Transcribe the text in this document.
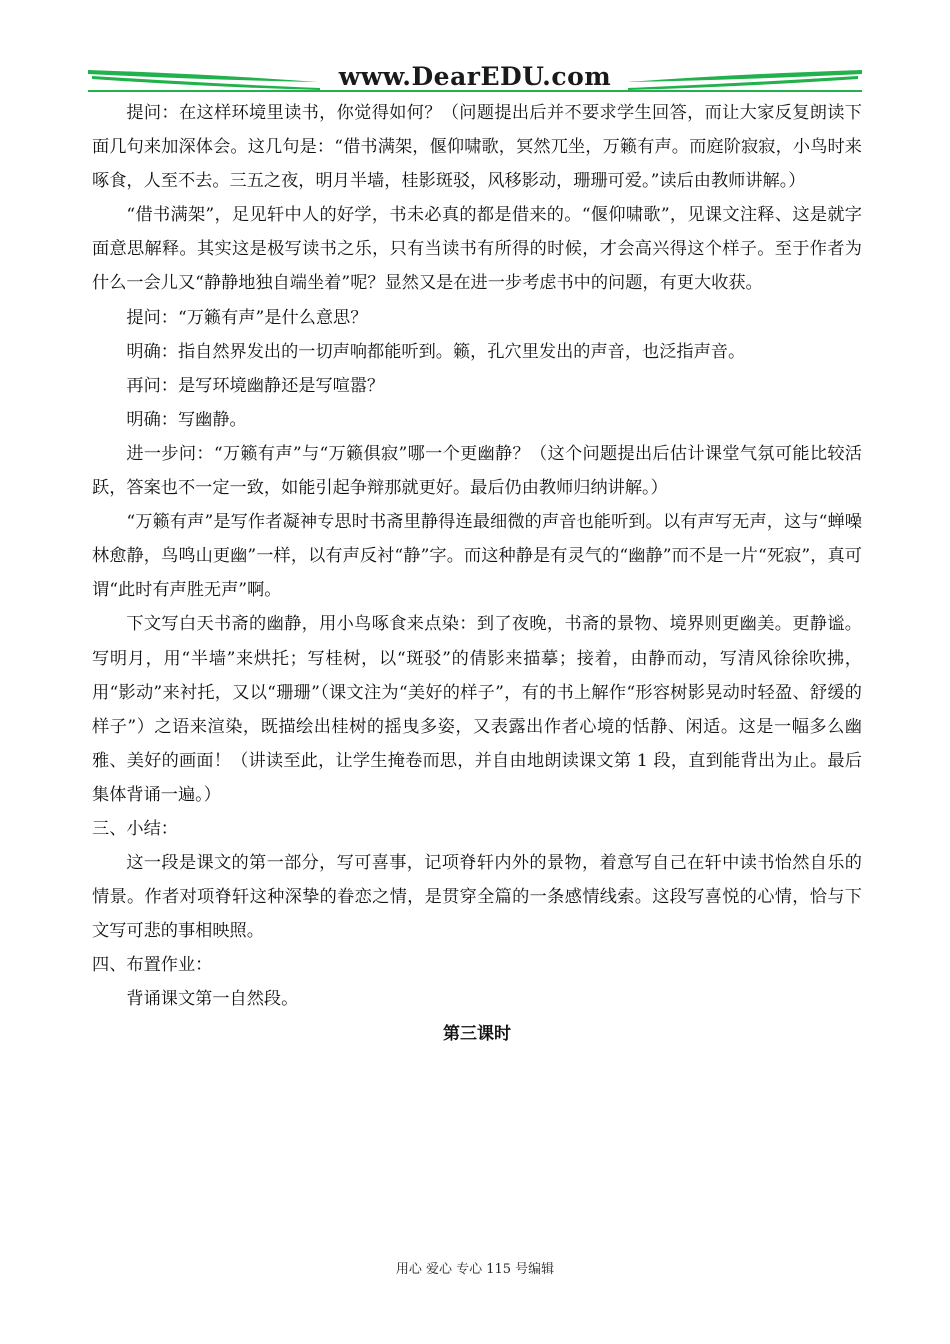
www.DearEDU.com

提问：在这样环境里读书，你觉得如何？（问题提出后并不要求学生回答，而让大家反复朗读下面几句来加深体会。这几句是：“借书满架，偃仰啸歌，冥然兀坐，万籁有声。而庭阶寂寂，小鸟时来啄食，人至不去。三五之夜，明月半墙，桂影斑驳，风移影动，珊珊可爱。”读后由教师讲解。）

“借书满架”，足见轩中人的好学，书未必真的都是借来的。“偃仰啸歌”，见课文注释、这是就字面意思解释。其实这是极写读书之乐，只有当读书有所得的时候，才会高兴得这个样子。至于作者为什么一会儿又“静静地独自端坐着”呢？显然又是在进一步考虑书中的问题，有更大收获。

提问：“万籁有声”是什么意思？

明确：指自然界发出的一切声响都能听到。籁，孔穴里发出的声音，也泛指声音。

再问：是写环境幽静还是写喧嚣？

明确：写幽静。

进一步问：“万籁有声”与“万籁俱寂”哪一个更幽静？（这个问题提出后估计课堂气氛可能比较活跃，答案也不一定一致，如能引起争辩那就更好。最后仍由教师归纳讲解。）

“万籁有声”是写作者凝神专思时书斋里静得连最细微的声音也能听到。以有声写无声，这与“蝉噪林愈静，鸟鸣山更幽”一样，以有声反衬“静”字。而这种静是有灵气的“幽静”而不是一片“死寂”，真可谓“此时有声胜无声”啊。

下文写白天书斋的幽静，用小鸟啄食来点染：到了夜晚，书斋的景物、境界则更幽美。更静谧。写明月，用“半墙”来烘托；写桂树，以“斑驳”的倩影来描摹；接着，由静而动，写清风徐徐吹拂，用“影动”来衬托，又以“珊珊”（课文注为“美好的样子”，有的书上解作“形容树影晃动时轻盈、舒缓的样子”）之语来渲染，既描绘出桂树的摇曳多姿，又表露出作者心境的恬静、闲适。这是一幅多么幽雅、美好的画面！（讲读至此，让学生掩卷而思，并自由地朗读课文第 1 段，直到能背出为止。最后集体背诵一遍。）

三、小结：

这一段是课文的第一部分，写可喜事，记项脊轩内外的景物，着意写自己在轩中读书怡然自乐的情景。作者对项脊轩这种深挚的眷恋之情，是贯穿全篇的一条感情线索。这段写喜悦的心情，恰与下文写可悲的事相映照。

四、布置作业：

背诵课文第一自然段。

第三课时

用心 爱心 专心 115 号编辑
